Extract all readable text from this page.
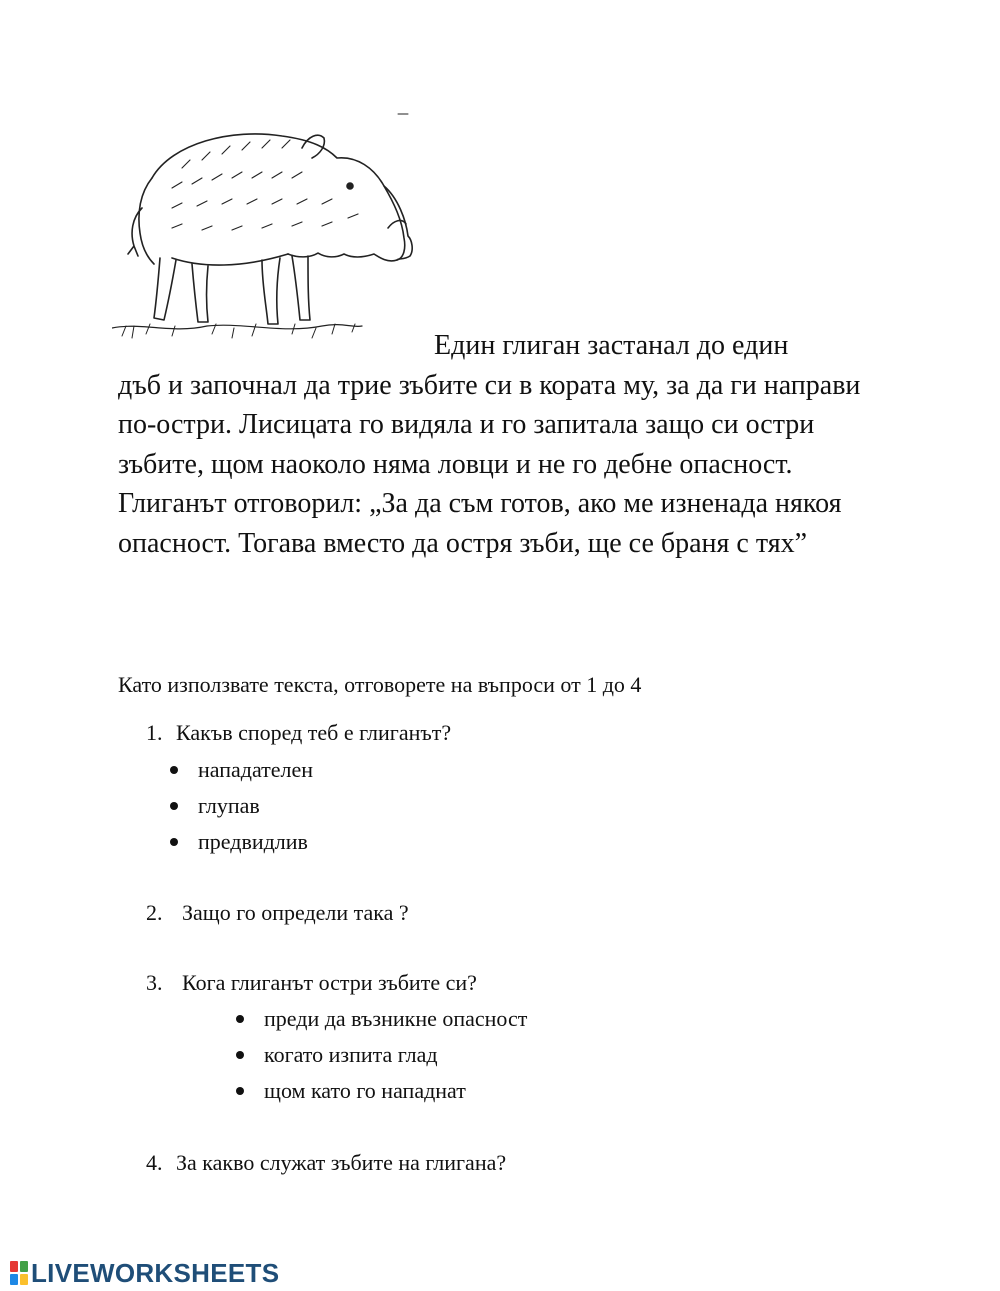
Един глиган застанал до един
дъб и започнал да трие зъбите си в кората му, за да ги направи по-остри. Лисицата го видяла и го запитала защо си остри зъбите, щом наоколо няма ловци и не го дебне опасност. Глиганът отговорил: „За да съм готов, ако ме изненада някоя опасност. Тогава вместо да остря зъби, ще се браня с тях”

Като използвате текста, отговорете на въпроси от 1 до 4

1. Какъв според теб е глиганът?

нападателен
глупав
предвидлив

2. Защо го определи така ?

3. Кога глиганът остри зъбите си?

преди да възникне опасност
когато изпита глад
щом като го нападнат

4. За какво служат зъбите на глигана?

LIVEWORKSHEETS
